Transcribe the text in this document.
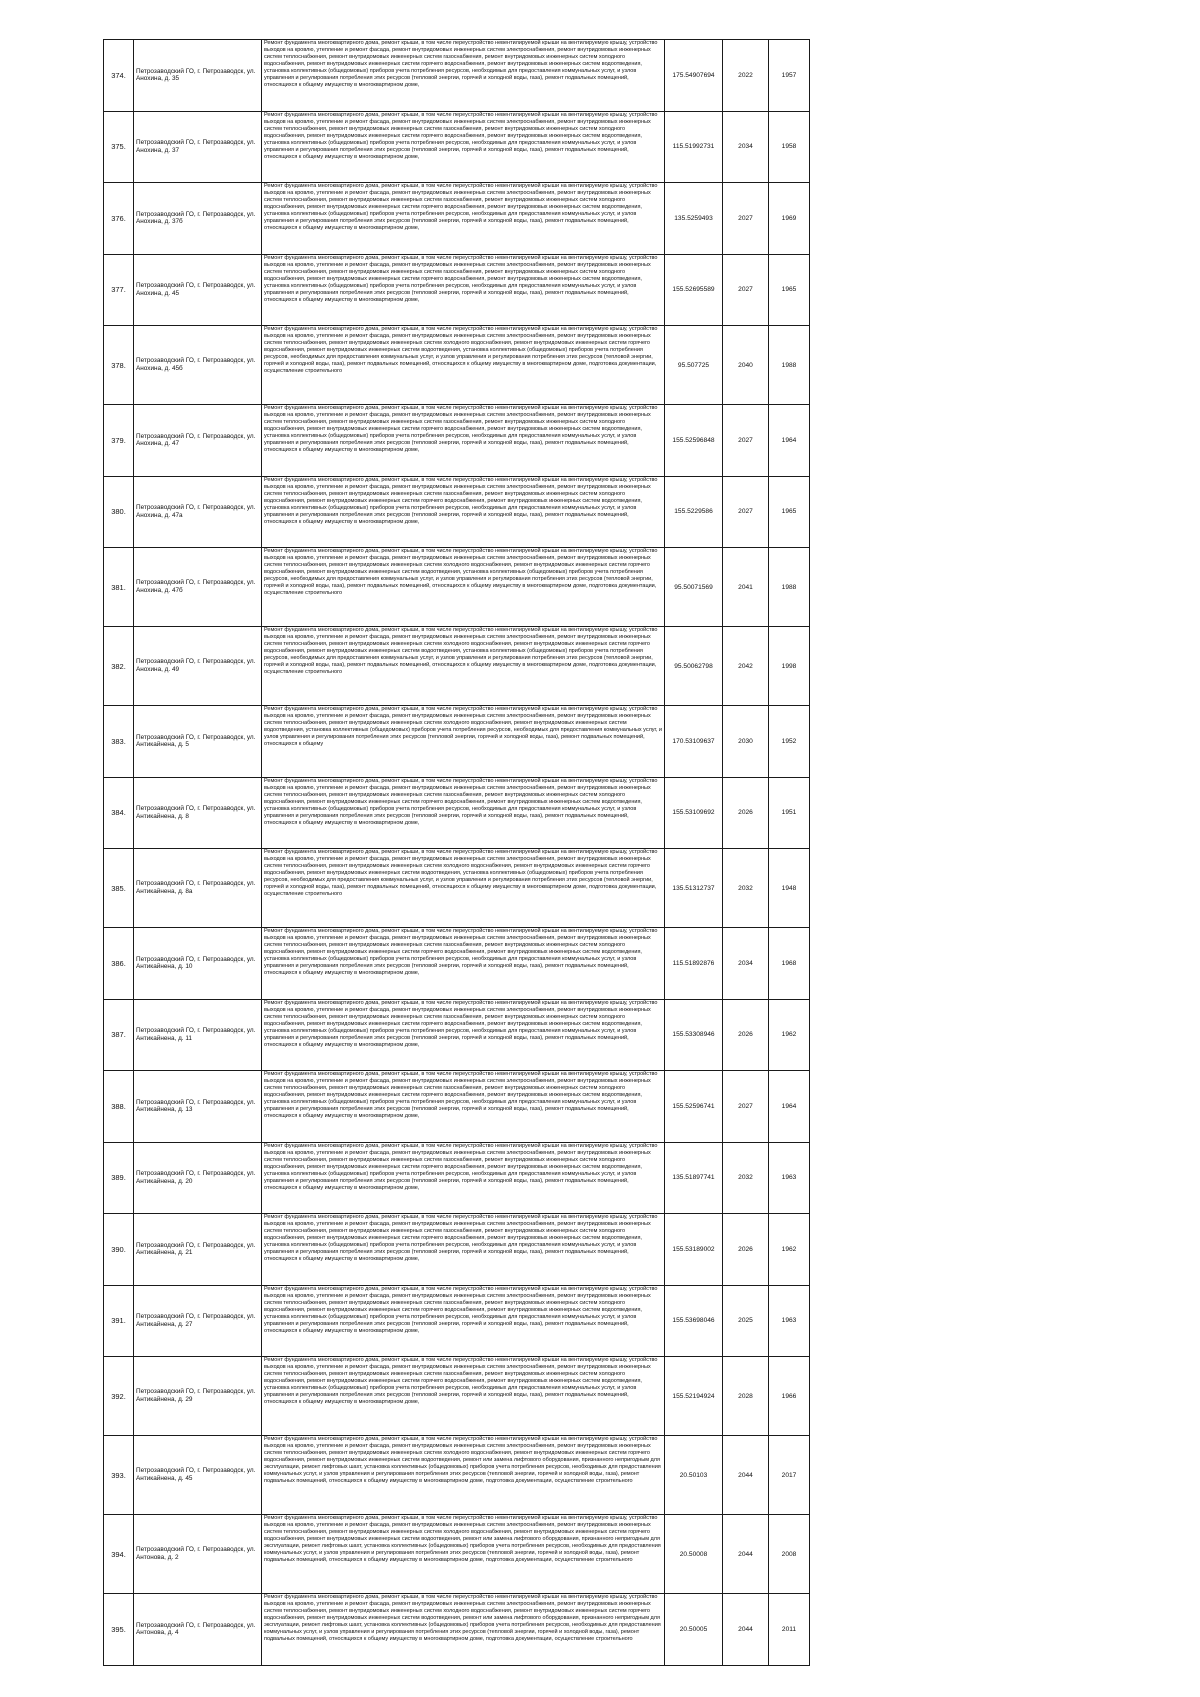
374.	Петрозаводский ГО, г. Петрозаводск, ул. Анохина, д. 35	Ремонт фундамента многоквартирного дома, ремонт крыши, в том числе переустройство невентилируемой крыши на вентилируемую крышу, устройство выходов на кровлю, утепление и ремонт фасада, ремонт внутридомовых инженерных систем электроснабжения, ремонт внутридомовых инженерных систем теплоснабжения, ремонт внутридомовых инженерных систем газоснабжения, ремонт внутридомовых инженерных систем холодного водоснабжения, ремонт внутридомовых инженерных систем горячего водоснабжения, ремонт внутридомовых инженерных систем водоотведения, установка коллективных (общедомовых) приборов учета потребления ресурсов, необходимых для предоставления коммунальных услуг, и узлов управления и регулирования потребления этих ресурсов (тепловой энергии, горячей и холодной воды, газа), ремонт подвальных помещений, относящихся к общему имуществу в многоквартирном доме,	175.54907694	2022	1957
375.	Петрозаводский ГО, г. Петрозаводск, ул. Анохина, д. 37	Ремонт фундамента многоквартирного дома, ремонт крыши, в том числе переустройство невентилируемой крыши на вентилируемую крышу, устройство выходов на кровлю, утепление и ремонт фасада, ремонт внутридомовых инженерных систем электроснабжения, ремонт внутридомовых инженерных систем теплоснабжения, ремонт внутридомовых инженерных систем газоснабжения, ремонт внутридомовых инженерных систем холодного водоснабжения, ремонт внутридомовых инженерных систем горячего водоснабжения, ремонт внутридомовых инженерных систем водоотведения, установка коллективных (общедомовых) приборов учета потребления ресурсов, необходимых для предоставления коммунальных услуг, и узлов управления и регулирования потребления этих ресурсов (тепловой энергии, горячей и холодной воды, газа), ремонт подвальных помещений, относящихся к общему имуществу в многоквартирном доме,	115.51992731	2034	1958
376.	Петрозаводский ГО, г. Петрозаводск, ул. Анохина, д. 37б	Ремонт фундамента многоквартирного дома, ремонт крыши, в том числе переустройство невентилируемой крыши на вентилируемую крышу, устройство выходов на кровлю, утепление и ремонт фасада, ремонт внутридомовых инженерных систем электроснабжения, ремонт внутридомовых инженерных систем теплоснабжения, ремонт внутридомовых инженерных систем газоснабжения, ремонт внутридомовых инженерных систем холодного водоснабжения, ремонт внутридомовых инженерных систем горячего водоснабжения, ремонт внутридомовых инженерных систем водоотведения, установка коллективных (общедомовых) приборов учета потребления ресурсов, необходимых для предоставления коммунальных услуг, и узлов управления и регулирования потребления этих ресурсов (тепловой энергии, горячей и холодной воды, газа), ремонт подвальных помещений, относящихся к общему имуществу в многоквартирном доме,	135.5259493	2027	1969
377.	Петрозаводский ГО, г. Петрозаводск, ул. Анохина, д. 45	Ремонт фундамента многоквартирного дома, ремонт крыши, в том числе переустройство невентилируемой крыши на вентилируемую крышу, устройство выходов на кровлю, утепление и ремонт фасада, ремонт внутридомовых инженерных систем электроснабжения, ремонт внутридомовых инженерных систем теплоснабжения, ремонт внутридомовых инженерных систем газоснабжения, ремонт внутридомовых инженерных систем холодного водоснабжения, ремонт внутридомовых инженерных систем горячего водоснабжения, ремонт внутридомовых инженерных систем водоотведения, установка коллективных (общедомовых) приборов учета потребления ресурсов, необходимых для предоставления коммунальных услуг, и узлов управления и регулирования потребления этих ресурсов (тепловой энергии, горячей и холодной воды, газа), ремонт подвальных помещений, относящихся к общему имуществу в многоквартирном доме,	155.52695589	2027	1965
378.	Петрозаводский ГО, г. Петрозаводск, ул. Анохина, д. 45б	Ремонт фундамента многоквартирного дома, ремонт крыши, в том числе переустройство невентилируемой крыши на вентилируемую крышу, устройство выходов на кровлю, утепление и ремонт фасада, ремонт внутридомовых инженерных систем электроснабжения, ремонт внутридомовых инженерных систем теплоснабжения, ремонт внутридомовых инженерных систем холодного водоснабжения, ремонт внутридомовых инженерных систем горячего водоснабжения, ремонт внутридомовых инженерных систем водоотведения, установка коллективных (общедомовых) приборов учета потребления ресурсов, необходимых для предоставления коммунальных услуг, и узлов управления и регулирования потребления этих ресурсов (тепловой энергии, горячей и холодной воды, газа), ремонт подвальных помещений, относящихся к общему имуществу в многоквартирном доме, подготовка документации, осуществление строительного	95.507725	2040	1988
379.	Петрозаводский ГО, г. Петрозаводск, ул. Анохина, д. 47	Ремонт фундамента многоквартирного дома, ремонт крыши, в том числе переустройство невентилируемой крыши на вентилируемую крышу, устройство выходов на кровлю, утепление и ремонт фасада, ремонт внутридомовых инженерных систем электроснабжения, ремонт внутридомовых инженерных систем теплоснабжения, ремонт внутридомовых инженерных систем газоснабжения, ремонт внутридомовых инженерных систем холодного водоснабжения, ремонт внутридомовых инженерных систем горячего водоснабжения, ремонт внутридомовых инженерных систем водоотведения, установка коллективных (общедомовых) приборов учета потребления ресурсов, необходимых для предоставления коммунальных услуг, и узлов управления и регулирования потребления этих ресурсов (тепловой энергии, горячей и холодной воды, газа), ремонт подвальных помещений, относящихся к общему имуществу в многоквартирном доме,	155.52596848	2027	1964
380.	Петрозаводский ГО, г. Петрозаводск, ул. Анохина, д. 47а	Ремонт фундамента многоквартирного дома, ремонт крыши, в том числе переустройство невентилируемой крыши на вентилируемую крышу, устройство выходов на кровлю, утепление и ремонт фасада, ремонт внутридомовых инженерных систем электроснабжения, ремонт внутридомовых инженерных систем теплоснабжения, ремонт внутридомовых инженерных систем газоснабжения, ремонт внутридомовых инженерных систем холодного водоснабжения, ремонт внутридомовых инженерных систем горячего водоснабжения, ремонт внутридомовых инженерных систем водоотведения, установка коллективных (общедомовых) приборов учета потребления ресурсов, необходимых для предоставления коммунальных услуг, и узлов управления и регулирования потребления этих ресурсов (тепловой энергии, горячей и холодной воды, газа), ремонт подвальных помещений, относящихся к общему имуществу в многоквартирном доме,	155.5229586	2027	1965
381.	Петрозаводский ГО, г. Петрозаводск, ул. Анохина, д. 47б	Ремонт фундамента многоквартирного дома, ремонт крыши, в том числе переустройство невентилируемой крыши на вентилируемую крышу, устройство выходов на кровлю, утепление и ремонт фасада, ремонт внутридомовых инженерных систем электроснабжения, ремонт внутридомовых инженерных систем теплоснабжения, ремонт внутридомовых инженерных систем холодного водоснабжения, ремонт внутридомовых инженерных систем горячего водоснабжения, ремонт внутридомовых инженерных систем водоотведения, установка коллективных (общедомовых) приборов учета потребления ресурсов, необходимых для предоставления коммунальных услуг, и узлов управления и регулирования потребления этих ресурсов (тепловой энергии, горячей и холодной воды, газа), ремонт подвальных помещений, относящихся к общему имуществу в многоквартирном доме, подготовка документации, осуществление строительного	95.50071569	2041	1988
382.	Петрозаводский ГО, г. Петрозаводск, ул. Анохина, д. 49	Ремонт фундамента многоквартирного дома, ремонт крыши, в том числе переустройство невентилируемой крыши на вентилируемую крышу, устройство выходов на кровлю, утепление и ремонт фасада, ремонт внутридомовых инженерных систем электроснабжения, ремонт внутридомовых инженерных систем теплоснабжения, ремонт внутридомовых инженерных систем холодного водоснабжения, ремонт внутридомовых инженерных систем горячего водоснабжения, ремонт внутридомовых инженерных систем водоотведения, установка коллективных (общедомовых) приборов учета потребления ресурсов, необходимых для предоставления коммунальных услуг, и узлов управления и регулирования потребления этих ресурсов (тепловой энергии, горячей и холодной воды, газа), ремонт подвальных помещений, относящихся к общему имуществу в многоквартирном доме, подготовка документации, осуществление строительного	95.50062798	2042	1998
383.	Петрозаводский ГО, г. Петрозаводск, ул. Антикайнена, д. 5	Ремонт фундамента многоквартирного дома, ремонт крыши, в том числе переустройство невентилируемой крыши на вентилируемую крышу, устройство выходов на кровлю, утепление и ремонт фасада, ремонт внутридомовых инженерных систем электроснабжения, ремонт внутридомовых инженерных систем теплоснабжения, ремонт внутридомовых инженерных систем холодного водоснабжения, ремонт внутридомовых инженерных систем водоотведения, установка коллективных (общедомовых) приборов учета потребления ресурсов, необходимых для предоставления коммунальных услуг, и узлов управления и регулирования потребления этих ресурсов (тепловой энергии, горячей и холодной воды, газа), ремонт подвальных помещений, относящихся к общему	170.53109637	2030	1952
384.	Петрозаводский ГО, г. Петрозаводск, ул. Антикайнена, д. 8	Ремонт фундамента многоквартирного дома, ремонт крыши, в том числе переустройство невентилируемой крыши на вентилируемую крышу, устройство выходов на кровлю, утепление и ремонт фасада, ремонт внутридомовых инженерных систем электроснабжения, ремонт внутридомовых инженерных систем теплоснабжения, ремонт внутридомовых инженерных систем газоснабжения, ремонт внутридомовых инженерных систем холодного водоснабжения, ремонт внутридомовых инженерных систем горячего водоснабжения, ремонт внутридомовых инженерных систем водоотведения, установка коллективных (общедомовых) приборов учета потребления ресурсов, необходимых для предоставления коммунальных услуг, и узлов управления и регулирования потребления этих ресурсов (тепловой энергии, горячей и холодной воды, газа), ремонт подвальных помещений, относящихся к общему имуществу в многоквартирном доме,	155.53109692	2026	1951
385.	Петрозаводский ГО, г. Петрозаводск, ул. Антикайнена, д. 8а	Ремонт фундамента многоквартирного дома, ремонт крыши, в том числе переустройство невентилируемой крыши на вентилируемую крышу, устройство выходов на кровлю, утепление и ремонт фасада, ремонт внутридомовых инженерных систем электроснабжения, ремонт внутридомовых инженерных систем теплоснабжения, ремонт внутридомовых инженерных систем холодного водоснабжения, ремонт внутридомовых инженерных систем горячего водоснабжения, ремонт внутридомовых инженерных систем водоотведения, установка коллективных (общедомовых) приборов учета потребления ресурсов, необходимых для предоставления коммунальных услуг, и узлов управления и регулирования потребления этих ресурсов (тепловой энергии, горячей и холодной воды, газа), ремонт подвальных помещений, относящихся к общему имуществу в многоквартирном доме, подготовка документации, осуществление строительного	135.51312737	2032	1948
386.	Петрозаводский ГО, г. Петрозаводск, ул. Антикайнена, д. 10	Ремонт фундамента многоквартирного дома, ремонт крыши, в том числе переустройство невентилируемой крыши на вентилируемую крышу, устройство выходов на кровлю, утепление и ремонт фасада, ремонт внутридомовых инженерных систем электроснабжения, ремонт внутридомовых инженерных систем теплоснабжения, ремонт внутридомовых инженерных систем газоснабжения, ремонт внутридомовых инженерных систем холодного водоснабжения, ремонт внутридомовых инженерных систем горячего водоснабжения, ремонт внутридомовых инженерных систем водоотведения, установка коллективных (общедомовых) приборов учета потребления ресурсов, необходимых для предоставления коммунальных услуг, и узлов управления и регулирования потребления этих ресурсов (тепловой энергии, горячей и холодной воды, газа), ремонт подвальных помещений, относящихся к общему имуществу в многоквартирном доме,	115.51892876	2034	1968
387.	Петрозаводский ГО, г. Петрозаводск, ул. Антикайнена, д. 11	Ремонт фундамента многоквартирного дома, ремонт крыши, в том числе переустройство невентилируемой крыши на вентилируемую крышу, устройство выходов на кровлю, утепление и ремонт фасада, ремонт внутридомовых инженерных систем электроснабжения, ремонт внутридомовых инженерных систем теплоснабжения, ремонт внутридомовых инженерных систем газоснабжения, ремонт внутридомовых инженерных систем холодного водоснабжения, ремонт внутридомовых инженерных систем горячего водоснабжения, ремонт внутридомовых инженерных систем водоотведения, установка коллективных (общедомовых) приборов учета потребления ресурсов, необходимых для предоставления коммунальных услуг, и узлов управления и регулирования потребления этих ресурсов (тепловой энергии, горячей и холодной воды, газа), ремонт подвальных помещений, относящихся к общему имуществу в многоквартирном доме,	155.53308946	2026	1962
388.	Петрозаводский ГО, г. Петрозаводск, ул. Антикайнена, д. 13	Ремонт фундамента многоквартирного дома, ремонт крыши, в том числе переустройство невентилируемой крыши на вентилируемую крышу, устройство выходов на кровлю, утепление и ремонт фасада, ремонт внутридомовых инженерных систем электроснабжения, ремонт внутридомовых инженерных систем теплоснабжения, ремонт внутридомовых инженерных систем газоснабжения, ремонт внутридомовых инженерных систем холодного водоснабжения, ремонт внутридомовых инженерных систем горячего водоснабжения, ремонт внутридомовых инженерных систем водоотведения, установка коллективных (общедомовых) приборов учета потребления ресурсов, необходимых для предоставления коммунальных услуг, и узлов управления и регулирования потребления этих ресурсов (тепловой энергии, горячей и холодной воды, газа), ремонт подвальных помещений, относящихся к общему имуществу в многоквартирном доме,	155.52596741	2027	1964
389.	Петрозаводский ГО, г. Петрозаводск, ул. Антикайнена, д. 20	Ремонт фундамента многоквартирного дома, ремонт крыши, в том числе переустройство невентилируемой крыши на вентилируемую крышу, устройство выходов на кровлю, утепление и ремонт фасада, ремонт внутридомовых инженерных систем электроснабжения, ремонт внутридомовых инженерных систем теплоснабжения, ремонт внутридомовых инженерных систем газоснабжения, ремонт внутридомовых инженерных систем холодного водоснабжения, ремонт внутридомовых инженерных систем горячего водоснабжения, ремонт внутридомовых инженерных систем водоотведения, установка коллективных (общедомовых) приборов учета потребления ресурсов, необходимых для предоставления коммунальных услуг, и узлов управления и регулирования потребления этих ресурсов (тепловой энергии, горячей и холодной воды, газа), ремонт подвальных помещений, относящихся к общему имуществу в многоквартирном доме,	135.51897741	2032	1963
390.	Петрозаводский ГО, г. Петрозаводск, ул. Антикайнена, д. 21	Ремонт фундамента многоквартирного дома, ремонт крыши, в том числе переустройство невентилируемой крыши на вентилируемую крышу, устройство выходов на кровлю, утепление и ремонт фасада, ремонт внутридомовых инженерных систем электроснабжения, ремонт внутридомовых инженерных систем теплоснабжения, ремонт внутридомовых инженерных систем газоснабжения, ремонт внутридомовых инженерных систем холодного водоснабжения, ремонт внутридомовых инженерных систем горячего водоснабжения, ремонт внутридомовых инженерных систем водоотведения, установка коллективных (общедомовых) приборов учета потребления ресурсов, необходимых для предоставления коммунальных услуг, и узлов управления и регулирования потребления этих ресурсов (тепловой энергии, горячей и холодной воды, газа), ремонт подвальных помещений, относящихся к общему имуществу в многоквартирном доме,	155.53189002	2026	1962
391.	Петрозаводский ГО, г. Петрозаводск, ул. Антикайнена, д. 27	Ремонт фундамента многоквартирного дома, ремонт крыши, в том числе переустройство невентилируемой крыши на вентилируемую крышу, устройство выходов на кровлю, утепление и ремонт фасада, ремонт внутридомовых инженерных систем электроснабжения, ремонт внутридомовых инженерных систем теплоснабжения, ремонт внутридомовых инженерных систем газоснабжения, ремонт внутридомовых инженерных систем холодного водоснабжения, ремонт внутридомовых инженерных систем горячего водоснабжения, ремонт внутридомовых инженерных систем водоотведения, установка коллективных (общедомовых) приборов учета потребления ресурсов, необходимых для предоставления коммунальных услуг, и узлов управления и регулирования потребления этих ресурсов (тепловой энергии, горячей и холодной воды, газа), ремонт подвальных помещений, относящихся к общему имуществу в многоквартирном доме,	155.53698046	2025	1963
392.	Петрозаводский ГО, г. Петрозаводск, ул. Антикайнена, д. 29	Ремонт фундамента многоквартирного дома, ремонт крыши, в том числе переустройство невентилируемой крыши на вентилируемую крышу, устройство выходов на кровлю, утепление и ремонт фасада, ремонт внутридомовых инженерных систем электроснабжения, ремонт внутридомовых инженерных систем теплоснабжения, ремонт внутридомовых инженерных систем газоснабжения, ремонт внутридомовых инженерных систем холодного водоснабжения, ремонт внутридомовых инженерных систем горячего водоснабжения, ремонт внутридомовых инженерных систем водоотведения, установка коллективных (общедомовых) приборов учета потребления ресурсов, необходимых для предоставления коммунальных услуг, и узлов управления и регулирования потребления этих ресурсов (тепловой энергии, горячей и холодной воды, газа), ремонт подвальных помещений, относящихся к общему имуществу в многоквартирном доме,	155.52194924	2028	1966
393.	Петрозаводский ГО, г. Петрозаводск, ул. Антикайнена, д. 45	Ремонт фундамента многоквартирного дома, ремонт крыши, в том числе переустройство невентилируемой крыши на вентилируемую крышу, устройство выходов на кровлю, утепление и ремонт фасада, ремонт внутридомовых инженерных систем электроснабжения, ремонт внутридомовых инженерных систем теплоснабжения, ремонт внутридомовых инженерных систем холодного водоснабжения, ремонт внутридомовых инженерных систем горячего водоснабжения, ремонт внутридомовых инженерных систем водоотведения, ремонт или замена лифтового оборудования, признанного непригодным для эксплуатации, ремонт лифтовых шахт, установка коллективных (общедомовых) приборов учета потребления ресурсов, необходимых для предоставления коммунальных услуг, и узлов управления и регулирования потребления этих ресурсов (тепловой энергии, горячей и холодной воды, газа), ремонт подвальных помещений, относящихся к общему имуществу в многоквартирном доме, подготовка документации, осуществление строительного	20.50103	2044	2017
394.	Петрозаводский ГО, г. Петрозаводск, ул. Антонова, д. 2	Ремонт фундамента многоквартирного дома, ремонт крыши, в том числе переустройство невентилируемой крыши на вентилируемую крышу, устройство выходов на кровлю, утепление и ремонт фасада, ремонт внутридомовых инженерных систем электроснабжения, ремонт внутридомовых инженерных систем теплоснабжения, ремонт внутридомовых инженерных систем холодного водоснабжения, ремонт внутридомовых инженерных систем горячего водоснабжения, ремонт внутридомовых инженерных систем водоотведения, ремонт или замена лифтового оборудования, признанного непригодным для эксплуатации, ремонт лифтовых шахт, установка коллективных (общедомовых) приборов учета потребления ресурсов, необходимых для предоставления коммунальных услуг, и узлов управления и регулирования потребления этих ресурсов (тепловой энергии, горячей и холодной воды, газа), ремонт подвальных помещений, относящихся к общему имуществу в многоквартирном доме, подготовка документации, осуществление строительного	20.50008	2044	2008
395.	Петрозаводский ГО, г. Петрозаводск, ул. Антонова, д. 4	Ремонт фундамента многоквартирного дома, ремонт крыши, в том числе переустройство невентилируемой крыши на вентилируемую крышу, устройство выходов на кровлю, утепление и ремонт фасада, ремонт внутридомовых инженерных систем электроснабжения, ремонт внутридомовых инженерных систем теплоснабжения, ремонт внутридомовых инженерных систем холодного водоснабжения, ремонт внутридомовых инженерных систем горячего водоснабжения, ремонт внутридомовых инженерных систем водоотведения, ремонт или замена лифтового оборудования, признанного непригодным для эксплуатации, ремонт лифтовых шахт, установка коллективных (общедомовых) приборов учета потребления ресурсов, необходимых для предоставления коммунальных услуг, и узлов управления и регулирования потребления этих ресурсов (тепловой энергии, горячей и холодной воды, газа), ремонт подвальных помещений, относящихся к общему имуществу в многоквартирном доме, подготовка документации, осуществление строительного	20.50005	2044	2011
